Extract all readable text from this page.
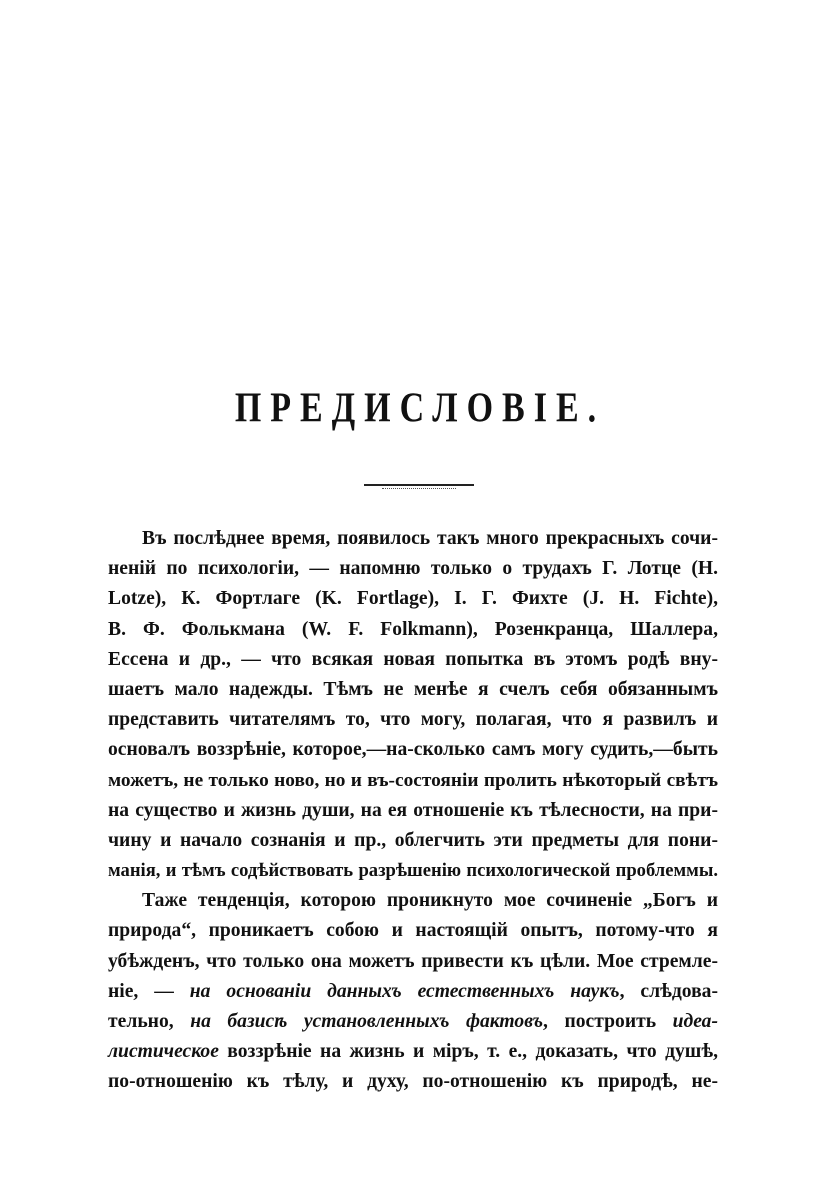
ПРЕДИСЛОВІЕ.
Въ послѣднее время, появилось такъ много прекрасныхъ сочи-
неній по психологіи, — напомню только о трудахъ Г. Лотце (H.
Lotze), К. Фортлаге (K. Fortlage), I. Г. Фихте (J. H. Fichte),
В. Ф. Фолькмана (W. F. Folkmann), Розенкранца, Шаллера,
Ессена и др., — что всякая новая попытка въ этомъ родѣ вну-
шаетъ мало надежды. Тѣмъ не менѣе я счелъ себя обязаннымъ
представить читателямъ то, что могу, полагая, что я развилъ и
основалъ воззрѣніе, которое,—на-сколько самъ могу судить,—быть
можетъ, не только ново, но и въ-состояніи пролить нѣкоторый свѣтъ
на существо и жизнь души, на ея отношеніе къ тѣлесности, на при-
чину и начало сознанія и пр., облегчить эти предметы для пони-
манія, и тѣмъ содѣйствовать разрѣшенію психологической проблеммы.
Таже тенденція, которою проникнуто мое сочиненіе „Богъ и
природа“, проникаетъ собою и настоящій опытъ, потому-что я
убѣжденъ, что только она можетъ привести къ цѣли. Мое стремле-
ніе, — на основаніи данныхъ естественныхъ наукъ, слѣдова-
тельно, на базисѣ установленныхъ фактовъ, построить идеа-
листическое воззрѣніе на жизнь и міръ, т. е., доказать, что душѣ,
по-отношенію къ тѣлу, и духу, по-отношенію къ природѣ, не-
